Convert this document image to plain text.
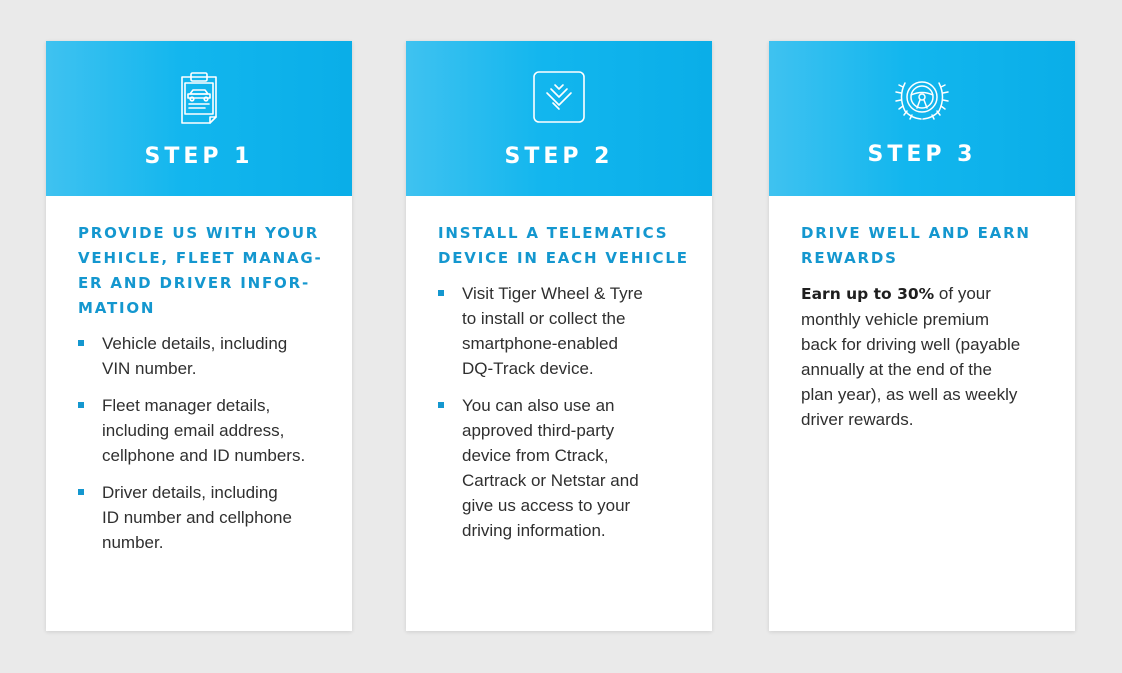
STEP 1
PROVIDE US WITH YOUR
VEHICLE, FLEET MANAG-
ER AND DRIVER INFOR-
MATION
Vehicle details, including
VIN number.
Fleet manager details,
including email address,
cellphone and ID numbers.
Driver details, including
ID number and cellphone
number.
STEP 2
INSTALL A TELEMATICS
DEVICE IN EACH VEHICLE
Visit Tiger Wheel & Tyre
to install or collect the
smartphone-enabled
DQ-Track device.
You can also use an
approved third-party
device from Ctrack,
Cartrack or Netstar and
give us access to your
driving information.
STEP 3
DRIVE WELL AND EARN
REWARDS

Earn up to 30% of your
monthly vehicle premium
back for driving well (payable
annually at the end of the
plan year), as well as weekly
driver rewards.
